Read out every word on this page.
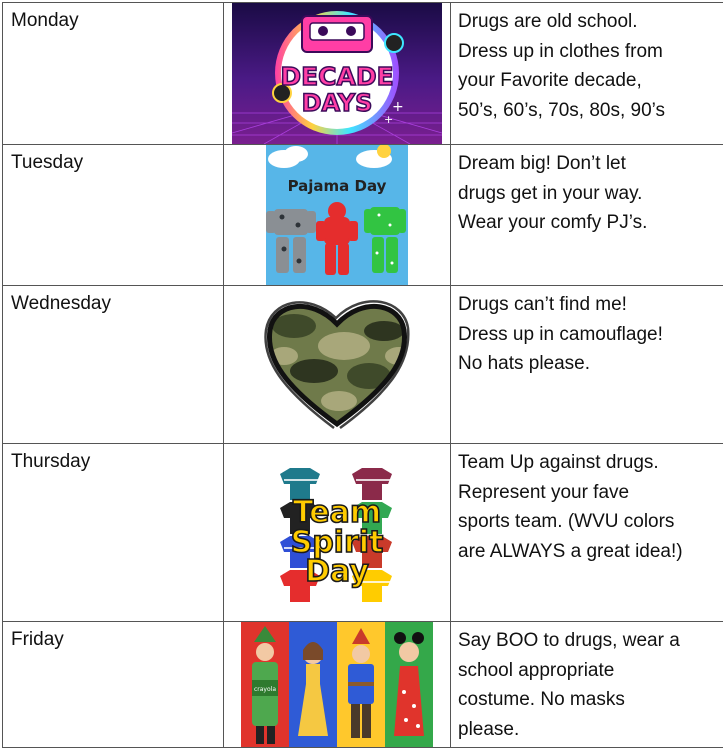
Monday	DECADE
DAYS +
+	Drugs are old school.
Dress up in clothes from
your Favorite decade,
50’s, 60’s, 70s, 80s, 90’s

Tuesday	Pajama Day	Dream big! Don’t let
drugs get in your way.
Wear your comfy PJ’s.

Wednesday		Drugs can’t find me!
Dress up in camouflage!
No hats please.

Thursday	Team
Spirit
Day	Team Up against drugs.
Represent your fave
sports team. (WVU colors
are ALWAYS a great idea!)

Friday	crayola	Say BOO to drugs, wear a
school appropriate
costume. No masks
please.
